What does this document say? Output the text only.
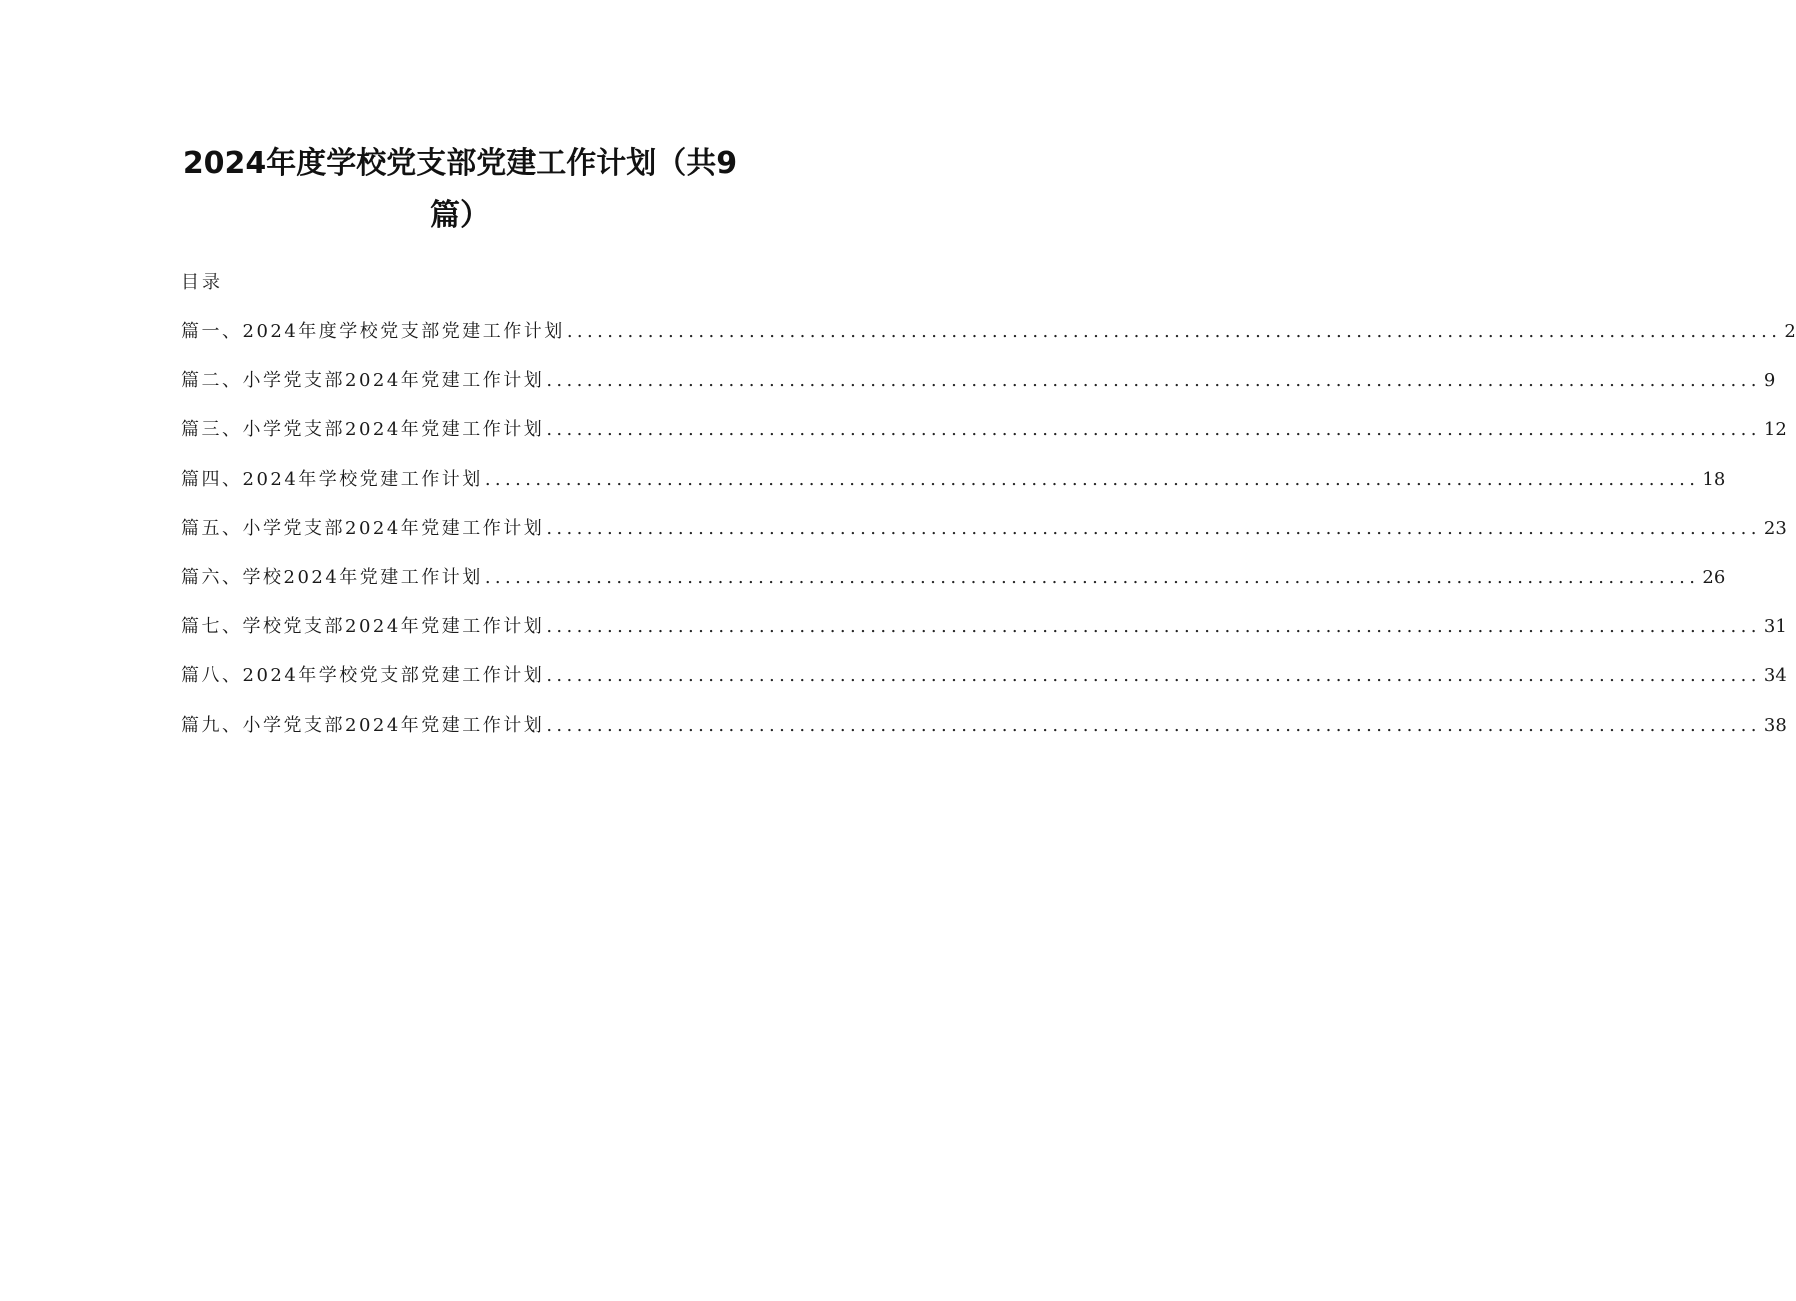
2024年度学校党支部党建工作计划（共9
篇）
目录
篇一、2024年度学校党支部党建工作计划 ........................................................................................................................ 2
篇二、小学党支部2024年党建工作计划 ........................................................................................................................ 9
篇三、小学党支部2024年党建工作计划 ........................................................................................................................ 12
篇四、2024年学校党建工作计划 ........................................................................................................................ 18
篇五、小学党支部2024年党建工作计划 ........................................................................................................................ 23
篇六、学校2024年党建工作计划 ........................................................................................................................ 26
篇七、学校党支部2024年党建工作计划 ........................................................................................................................ 31
篇八、2024年学校党支部党建工作计划 ........................................................................................................................ 34
篇九、小学党支部2024年党建工作计划 ........................................................................................................................ 38
